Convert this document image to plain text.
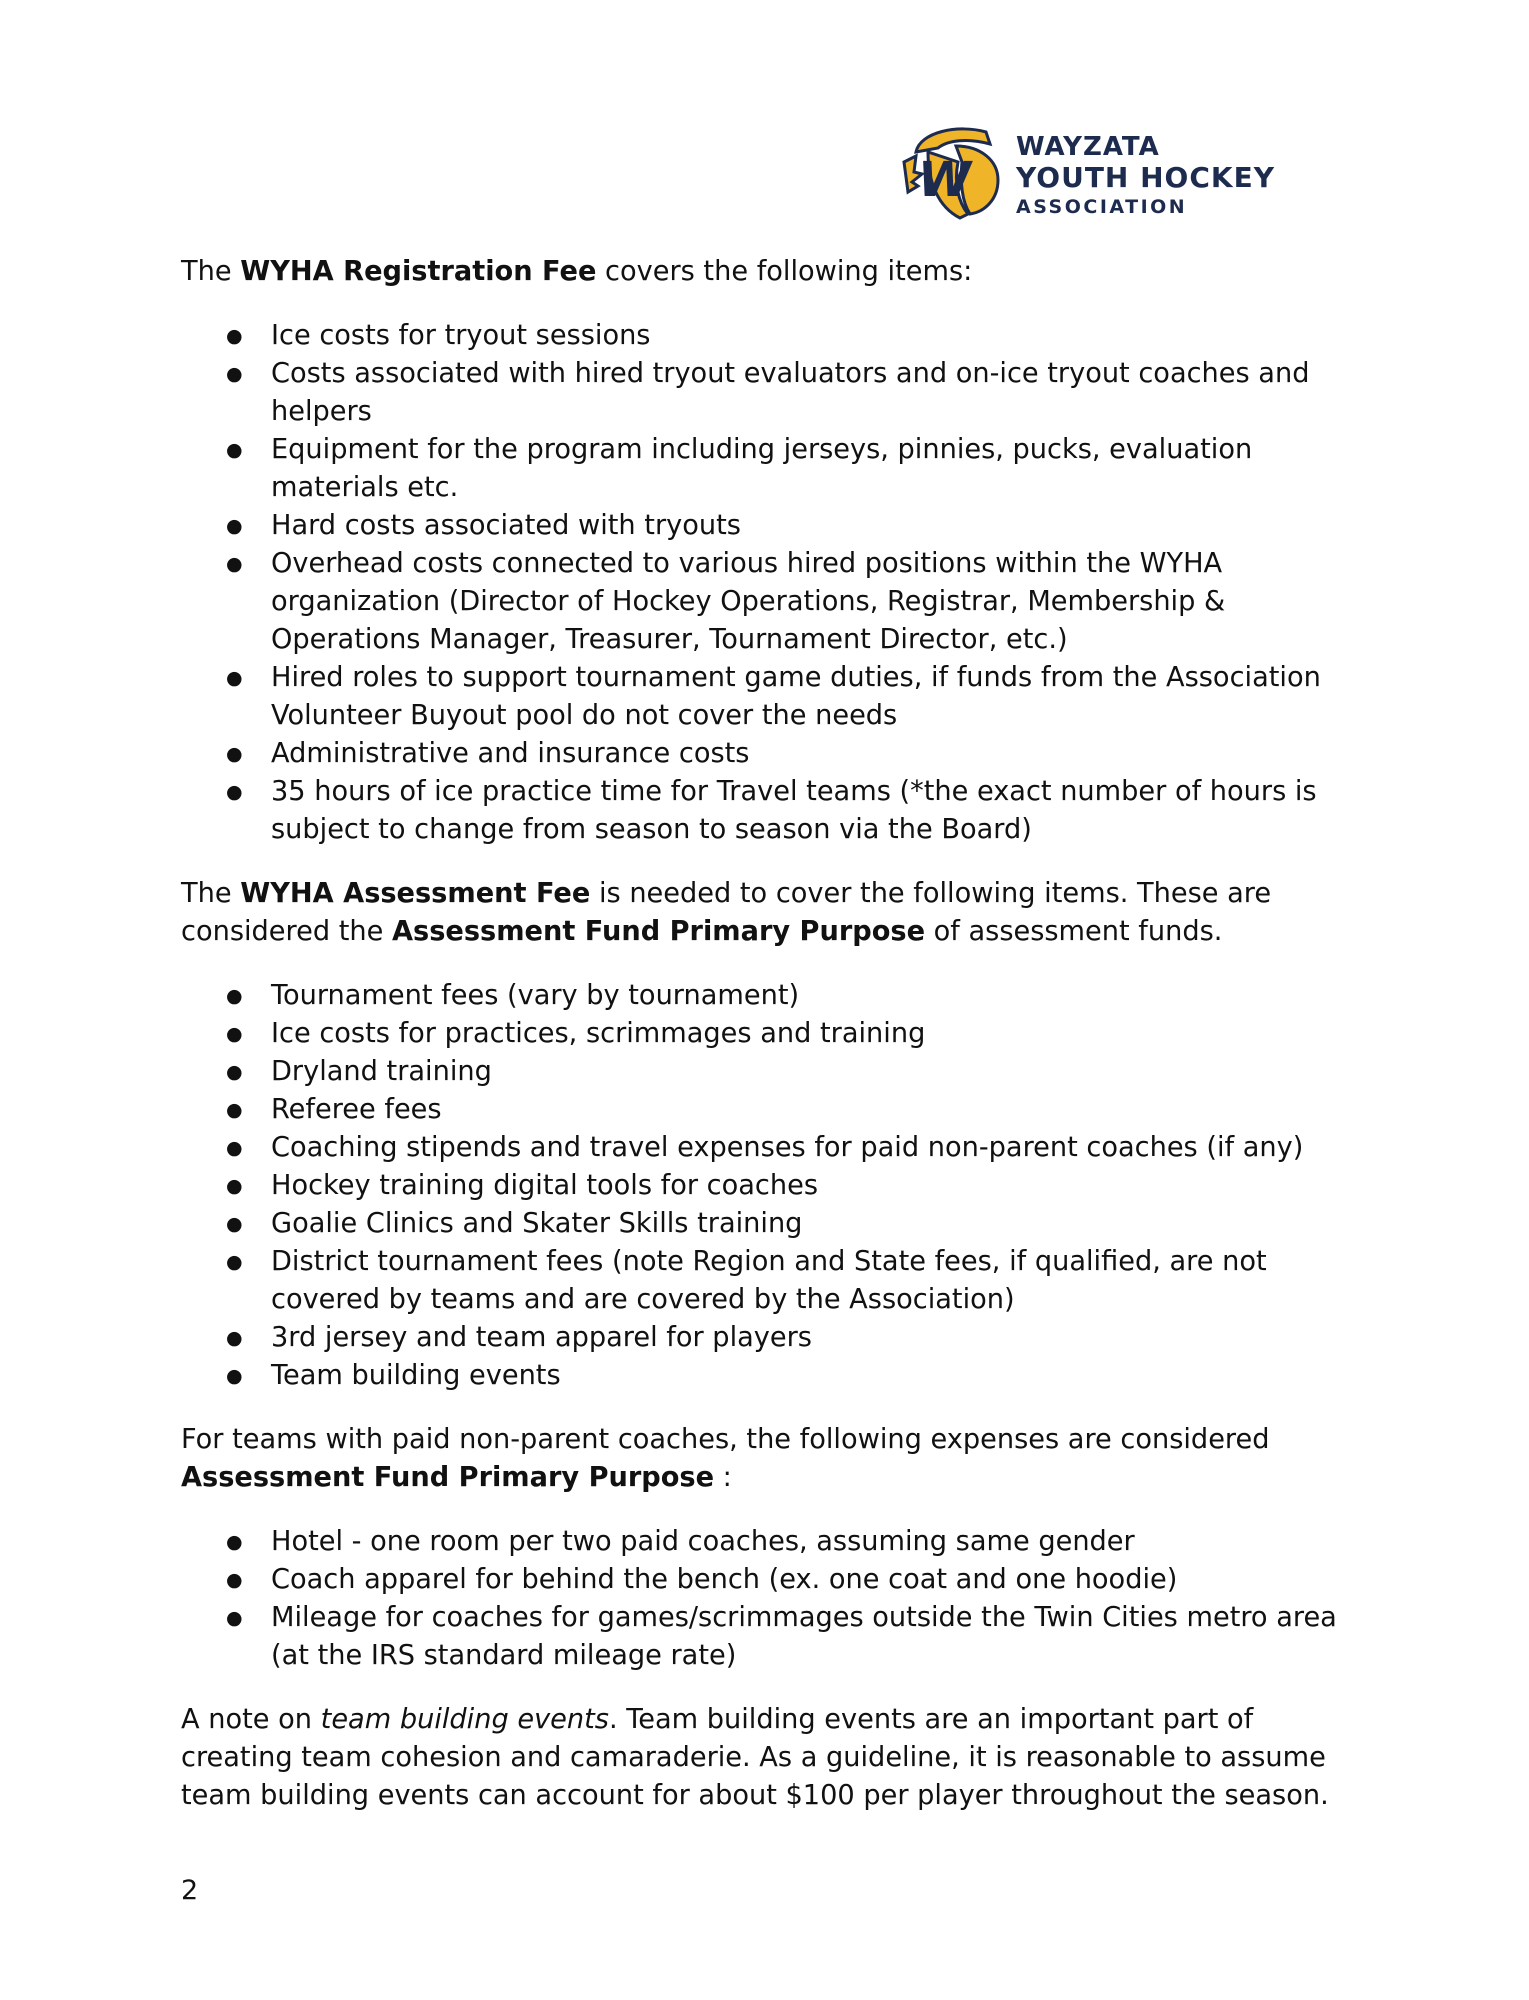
W
WAYZATA
YOUTH HOCKEY
ASSOCIATION

The WYHA Registration Fee covers the following items:

● Ice costs for tryout sessions
● Costs associated with hired tryout evaluators and on-ice tryout coaches and helpers
● Equipment for the program including jerseys, pinnies, pucks, evaluation materials etc.
● Hard costs associated with tryouts
● Overhead costs connected to various hired positions within the WYHA organization (Director of Hockey Operations, Registrar, Membership & Operations Manager, Treasurer, Tournament Director, etc.)
● Hired roles to support tournament game duties, if funds from the Association Volunteer Buyout pool do not cover the needs
● Administrative and insurance costs
● 35 hours of ice practice time for Travel teams (*the exact number of hours is subject to change from season to season via the Board)

The WYHA Assessment Fee is needed to cover the following items. These are considered the Assessment Fund Primary Purpose of assessment funds.

● Tournament fees (vary by tournament)
● Ice costs for practices, scrimmages and training
● Dryland training
● Referee fees
● Coaching stipends and travel expenses for paid non-parent coaches (if any)
● Hockey training digital tools for coaches
● Goalie Clinics and Skater Skills training
● District tournament fees (note Region and State fees, if qualified, are not covered by teams and are covered by the Association)
● 3rd jersey and team apparel for players
● Team building events

For teams with paid non-parent coaches, the following expenses are considered Assessment Fund Primary Purpose :

● Hotel - one room per two paid coaches, assuming same gender
● Coach apparel for behind the bench (ex. one coat and one hoodie)
● Mileage for coaches for games/scrimmages outside the Twin Cities metro area (at the IRS standard mileage rate)

A note on team building events. Team building events are an important part of creating team cohesion and camaraderie. As a guideline, it is reasonable to assume team building events can account for about $100 per player throughout the season.

2
